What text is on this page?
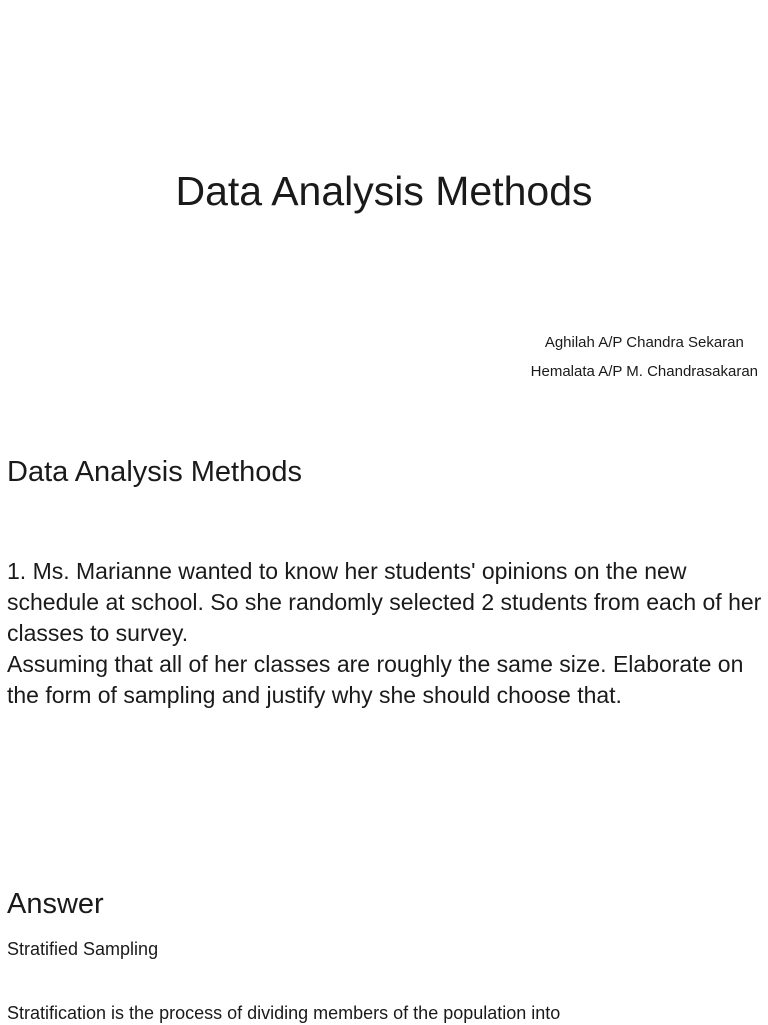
Data Analysis Methods
Aghilah A/P Chandra Sekaran
Hemalata A/P M. Chandrasakaran
Data Analysis Methods

1. Ms. Marianne wanted to know her students' opinions on the new schedule at school. So she randomly selected 2 students from each of her classes to survey.

Assuming that all of her classes are roughly the same size. Elaborate on the form of sampling and justify why she should choose that.

Answer

Stratified Sampling

Stratification is the process of dividing members of the population into
